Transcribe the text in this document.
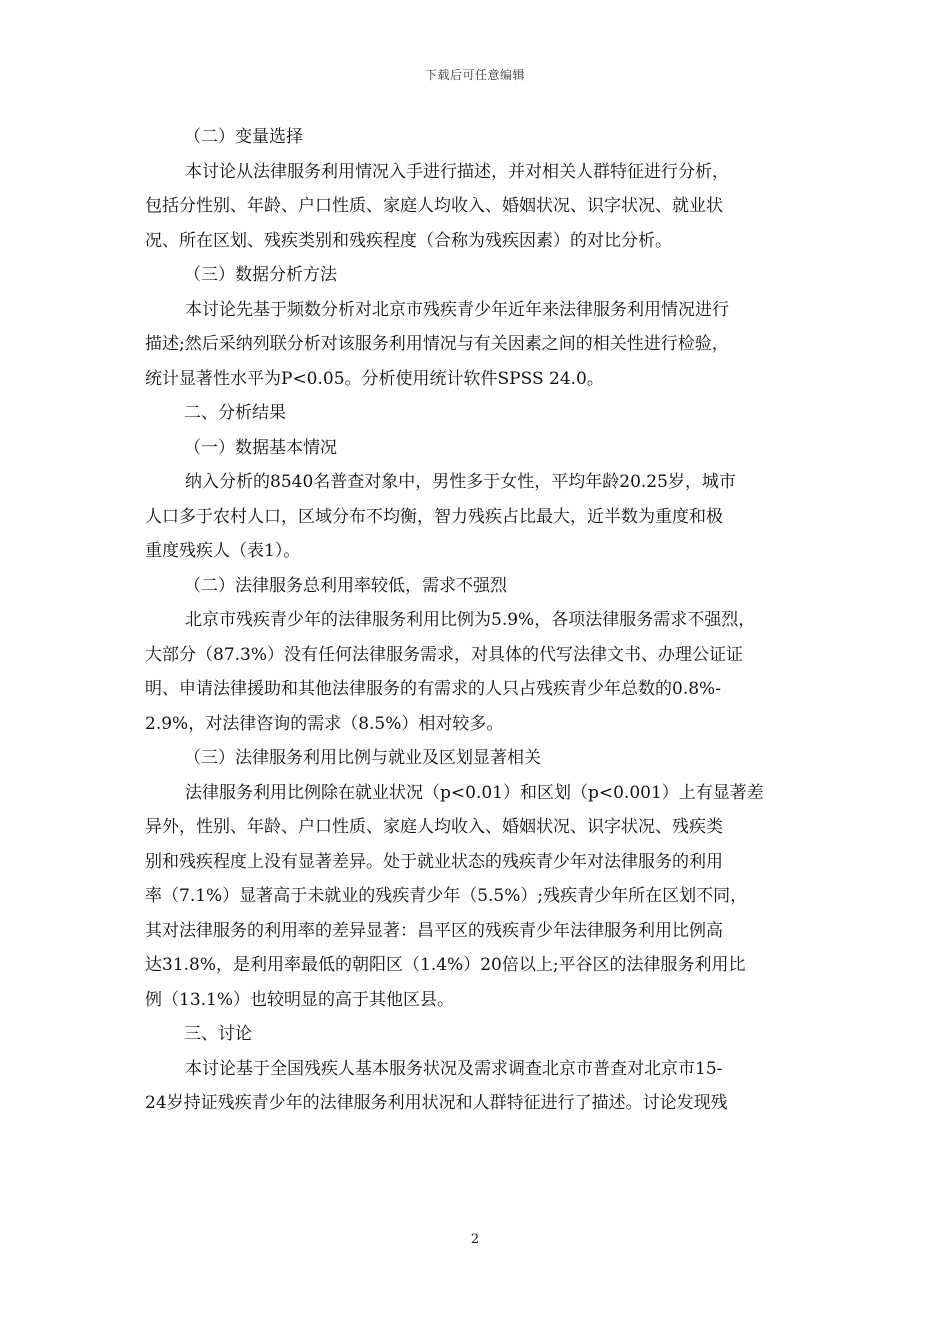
下载后可任意编辑
（二）变量选择
本讨论从法律服务利用情况入手进行描述，并对相关人群特征进行分析，
包括分性别、年龄、户口性质、家庭人均收入、婚姻状况、识字状况、就业状
况、所在区划、残疾类别和残疾程度（合称为残疾因素）的对比分析。
（三）数据分析方法
本讨论先基于频数分析对北京市残疾青少年近年来法律服务利用情况进行
描述;然后采纳列联分析对该服务利用情况与有关因素之间的相关性进行检验，
统计显著性水平为P<0.05。分析使用统计软件SPSS 24.0。
二、分析结果
（一）数据基本情况
纳入分析的8540名普查对象中，男性多于女性，平均年龄20.25岁，城市
人口多于农村人口，区域分布不均衡，智力残疾占比最大，近半数为重度和极
重度残疾人（表1）。
（二）法律服务总利用率较低，需求不强烈
北京市残疾青少年的法律服务利用比例为5.9%，各项法律服务需求不强烈，
大部分（87.3%）没有任何法律服务需求，对具体的代写法律文书、办理公证证
明、申请法律援助和其他法律服务的有需求的人只占残疾青少年总数的0.8%-
2.9%，对法律咨询的需求（8.5%）相对较多。
（三）法律服务利用比例与就业及区划显著相关
法律服务利用比例除在就业状况（p<0.01）和区划（p<0.001）上有显著差
异外，性别、年龄、户口性质、家庭人均收入、婚姻状况、识字状况、残疾类
别和残疾程度上没有显著差异。处于就业状态的残疾青少年对法律服务的利用
率（7.1%）显著高于未就业的残疾青少年（5.5%）;残疾青少年所在区划不同，
其对法律服务的利用率的差异显著：昌平区的残疾青少年法律服务利用比例高
达31.8%，是利用率最低的朝阳区（1.4%）20倍以上;平谷区的法律服务利用比
例（13.1%）也较明显的高于其他区县。
三、讨论
本讨论基于全国残疾人基本服务状况及需求调查北京市普查对北京市15-
24岁持证残疾青少年的法律服务利用状况和人群特征进行了描述。讨论发现残
2
